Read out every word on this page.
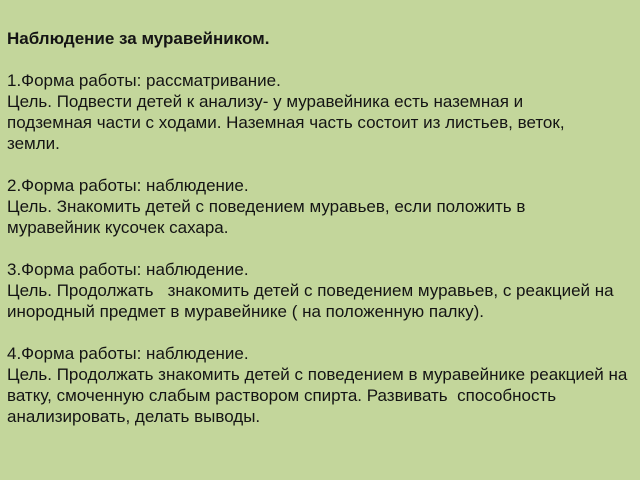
Наблюдение за муравейником.

1.Форма работы: рассматривание.

Цель. Подвести детей к анализу- у муравейника есть наземная и подземная части с ходами. Наземная часть состоит из листьев, веток, земли.

2.Форма работы: наблюдение.

Цель. Знакомить детей с поведением муравьев, если положить в муравейник кусочек сахара.

3.Форма работы: наблюдение.

Цель. Продолжать   знакомить детей с поведением муравьев, с реакцией на инородный предмет в муравейнике ( на положенную палку).

4.Форма работы: наблюдение.

Цель. Продолжать знакомить детей с поведением в муравейнике реакцией на ватку, смоченную слабым раствором спирта. Развивать  способность анализировать, делать выводы.
